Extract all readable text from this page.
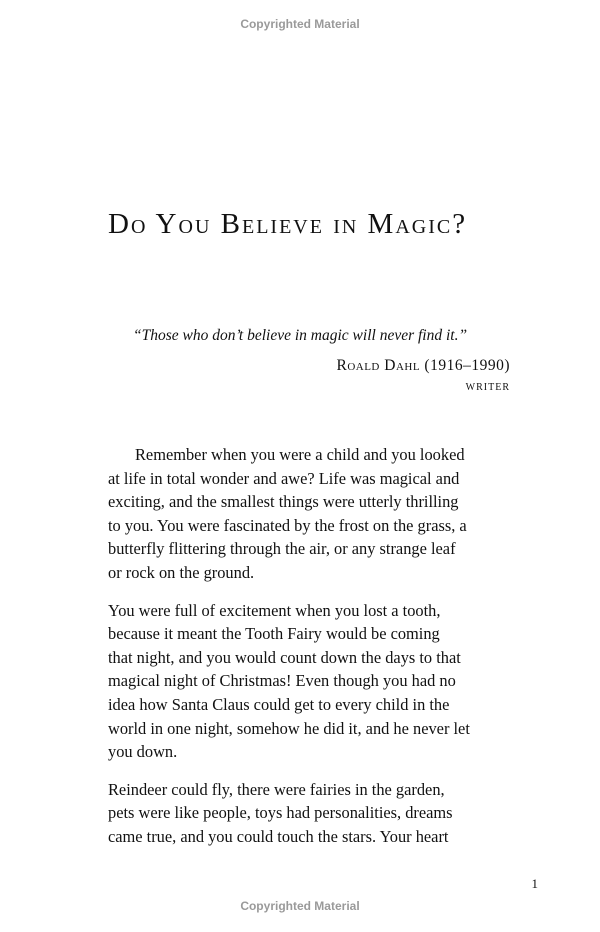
Copyrighted Material
Do You Believe in Magic?
“Those who don’t believe in magic will never find it.”
Roald Dahl (1916–1990)
writer

Remember when you were a child and you looked
at life in total wonder and awe? Life was magical and
exciting, and the smallest things were utterly thrilling
to you. You were fascinated by the frost on the grass, a
butterfly flittering through the air, or any strange leaf
or rock on the ground.

You were full of excitement when you lost a tooth,
because it meant the Tooth Fairy would be coming
that night, and you would count down the days to that
magical night of Christmas! Even though you had no
idea how Santa Claus could get to every child in the
world in one night, somehow he did it, and he never let
you down.

Reindeer could fly, there were fairies in the garden,
pets were like people, toys had personalities, dreams
came true, and you could touch the stars. Your heart

1
Copyrighted Material
